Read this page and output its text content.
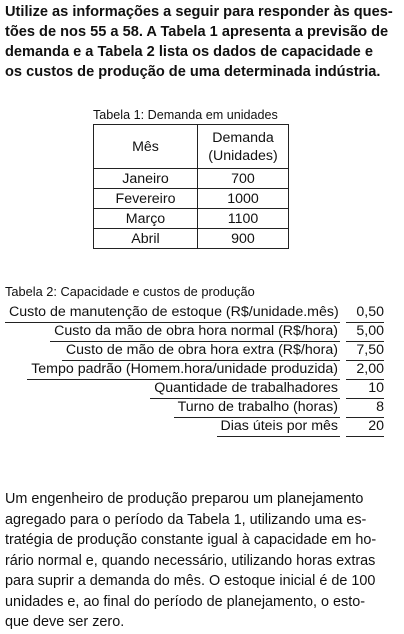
Utilize as informações a seguir para responder às ques-
tões de nos 55 a 58. A Tabela 1 apresenta a previsão de
demanda e a Tabela 2 lista os dados de capacidade e
os custos de produção de uma determinada indústria.

Tabela 1: Demanda em unidades

Mês	Demanda
(Unidades)
Janeiro	700
Fevereiro	1000
Março	1100
Abril	900

Tabela 2: Capacidade e custos de produção

Custo de manutenção de estoque (R$/unidade.mês)	0,50
Custo da mão de obra hora normal (R$/hora)	5,00
Custo de mão de obra hora extra (R$/hora)	7,50
Tempo padrão (Homem.hora/unidade produzida)	2,00
Quantidade de trabalhadores	10
Turno de trabalho (horas)	8
Dias úteis por mês	20
Um engenheiro de produção preparou um planejamento
agregado para o período da Tabela 1, utilizando uma es-
tratégia de produção constante igual à capacidade em ho-
rário normal e, quando necessário, utilizando horas extras
para suprir a demanda do mês. O estoque inicial é de 100
unidades e, ao final do período de planejamento, o esto-
que deve ser zero.
